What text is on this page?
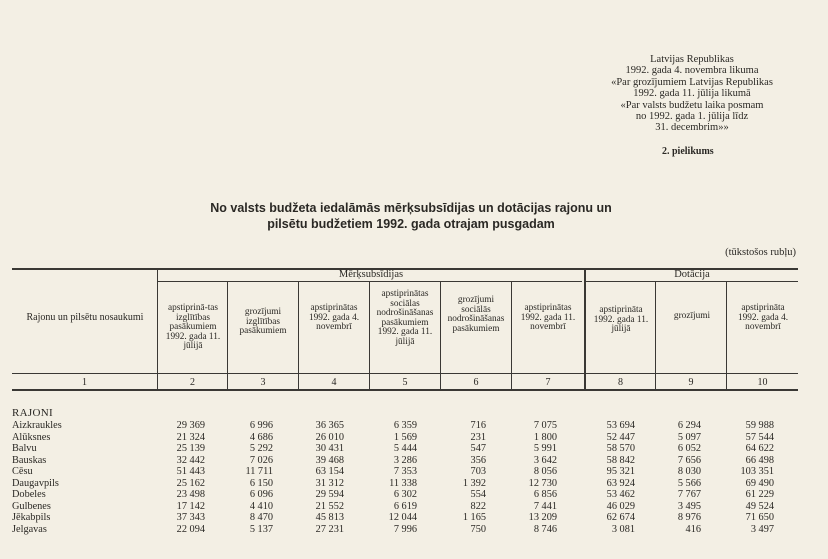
Latvijas Republikas
1992. gada 4. novembra likuma
«Par grozījumiem Latvijas Republikas
1992. gada 11. jūlija likumā
«Par valsts budžetu laika posmam
no 1992. gada 1. jūlija līdz
31. decembrim»»
2. pielikums
No valsts budžeta iedalāmās mērķsubsīdijas un dotācijas rajonu un
pilsētu budžetiem 1992. gada otrajam pusgadam
(tūkstošos rubļu)
Rajonu un pilsētu nosaukumi
Mērķsubsīdijas	Dotācija
apstiprinā-tas izglītības pasākumiem 1992. gada 11. jūlijā
grozījumi izglītības pasākumiem
apstiprinātas 1992. gada 4. novembrī
apstiprinātas sociālas nodrošināšanas pasākumiem 1992. gada 11. jūlijā
grozījumi sociālās nodrošināšanas pasākumiem
apstiprinātas 1992. gada 11. novembrī
apstiprināta 1992. gada 11. jūlijā
grozījumi
apstiprināta 1992. gada 4. novembrī
1	2	3	4	5	6	7	8	9	10
RAJONI
Aizkraukles	29 369	6 996	36 365	6 359	716	7 075	53 694	6 294	59 988
Alūksnes	21 324	4 686	26 010	1 569	231	1 800	52 447	5 097	57 544
Balvu	25 139	5 292	30 431	5 444	547	5 991	58 570	6 052	64 622
Bauskas	32 442	7 026	39 468	3 286	356	3 642	58 842	7 656	66 498
Cēsu	51 443	11 711	63 154	7 353	703	8 056	95 321	8 030	103 351
Daugavpils	25 162	6 150	31 312	11 338	1 392	12 730	63 924	5 566	69 490
Dobeles	23 498	6 096	29 594	6 302	554	6 856	53 462	7 767	61 229
Gulbenes	17 142	4 410	21 552	6 619	822	7 441	46 029	3 495	49 524
Jēkabpils	37 343	8 470	45 813	12 044	1 165	13 209	62 674	8 976	71 650
Jelgavas	22 094	5 137	27 231	7 996	750	8 746	3 081	416	3 497
